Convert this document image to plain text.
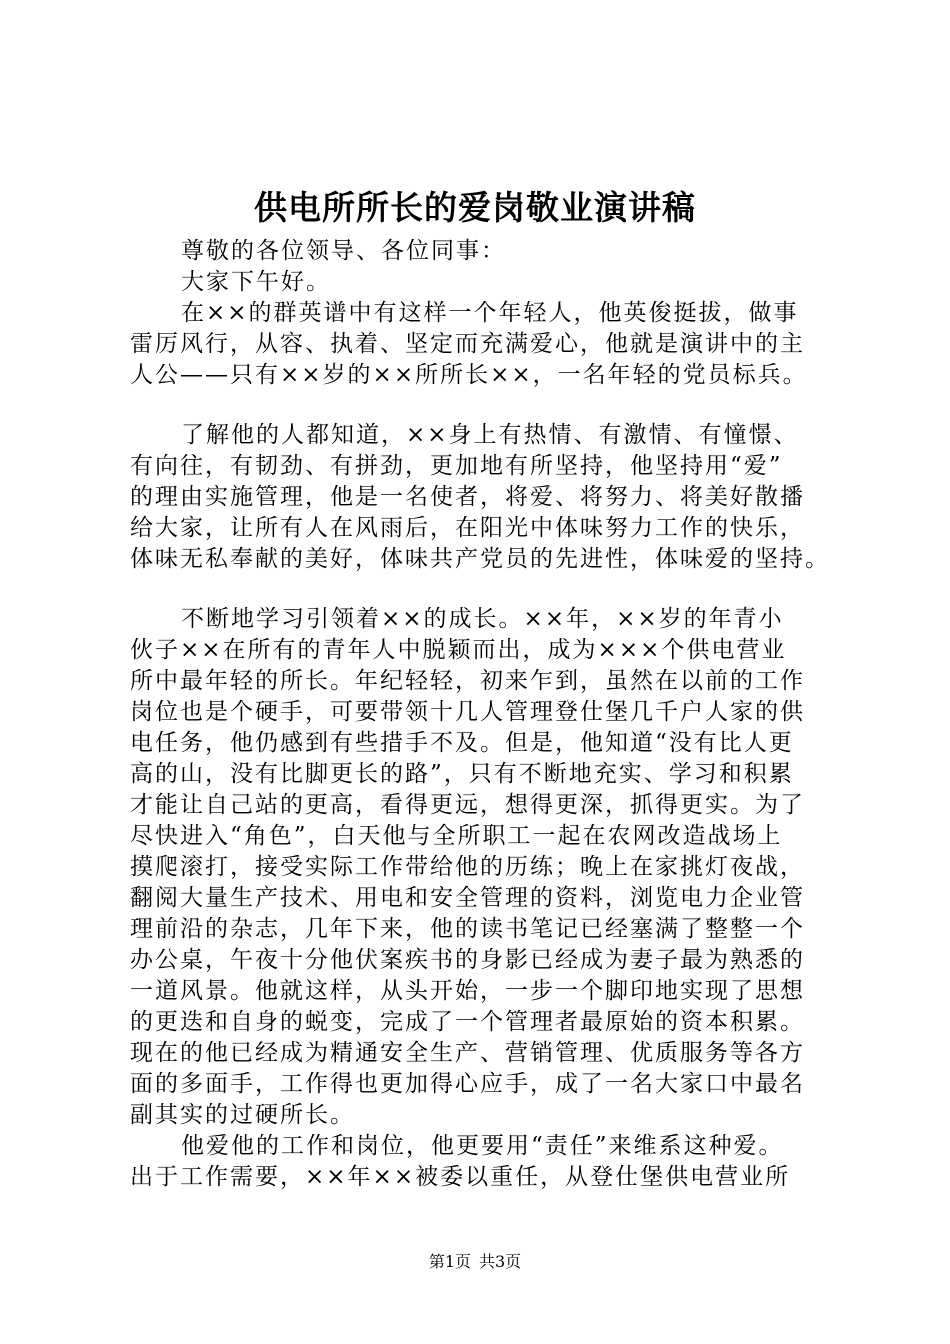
供电所所长的爱岗敬业演讲稿
尊敬的各位领导、各位同事：
大家下午好。
在××的群英谱中有这样一个年轻人，他英俊挺拔，做事
雷厉风行，从容、执着、坚定而充满爱心，他就是演讲中的主
人公——只有××岁的××所所长××，一名年轻的党员标兵。
了解他的人都知道，××身上有热情、有激情、有憧憬、
有向往，有韧劲、有拼劲，更加地有所坚持，他坚持用“爱”
的理由实施管理，他是一名使者，将爱、将努力、将美好散播
给大家，让所有人在风雨后，在阳光中体味努力工作的快乐，
体味无私奉献的美好，体味共产党员的先进性，体味爱的坚持。
不断地学习引领着××的成长。××年，××岁的年青小
伙子××在所有的青年人中脱颖而出，成为×××个供电营业
所中最年轻的所长。年纪轻轻，初来乍到，虽然在以前的工作
岗位也是个硬手，可要带领十几人管理登仕堡几千户人家的供
电任务，他仍感到有些措手不及。但是，他知道“没有比人更
高的山，没有比脚更长的路”，只有不断地充实、学习和积累
才能让自己站的更高，看得更远，想得更深，抓得更实。为了
尽快进入“角色”，白天他与全所职工一起在农网改造战场上
摸爬滚打，接受实际工作带给他的历练；晚上在家挑灯夜战，
翻阅大量生产技术、用电和安全管理的资料，浏览电力企业管
理前沿的杂志，几年下来，他的读书笔记已经塞满了整整一个
办公桌，午夜十分他伏案疾书的身影已经成为妻子最为熟悉的
一道风景。他就这样，从头开始，一步一个脚印地实现了思想
的更迭和自身的蜕变，完成了一个管理者最原始的资本积累。
现在的他已经成为精通安全生产、营销管理、优质服务等各方
面的多面手，工作得也更加得心应手，成了一名大家口中最名
副其实的过硬所长。
他爱他的工作和岗位，他更要用“责任”来维系这种爱。
出于工作需要，××年××被委以重任，从登仕堡供电营业所
第1页 共3页
